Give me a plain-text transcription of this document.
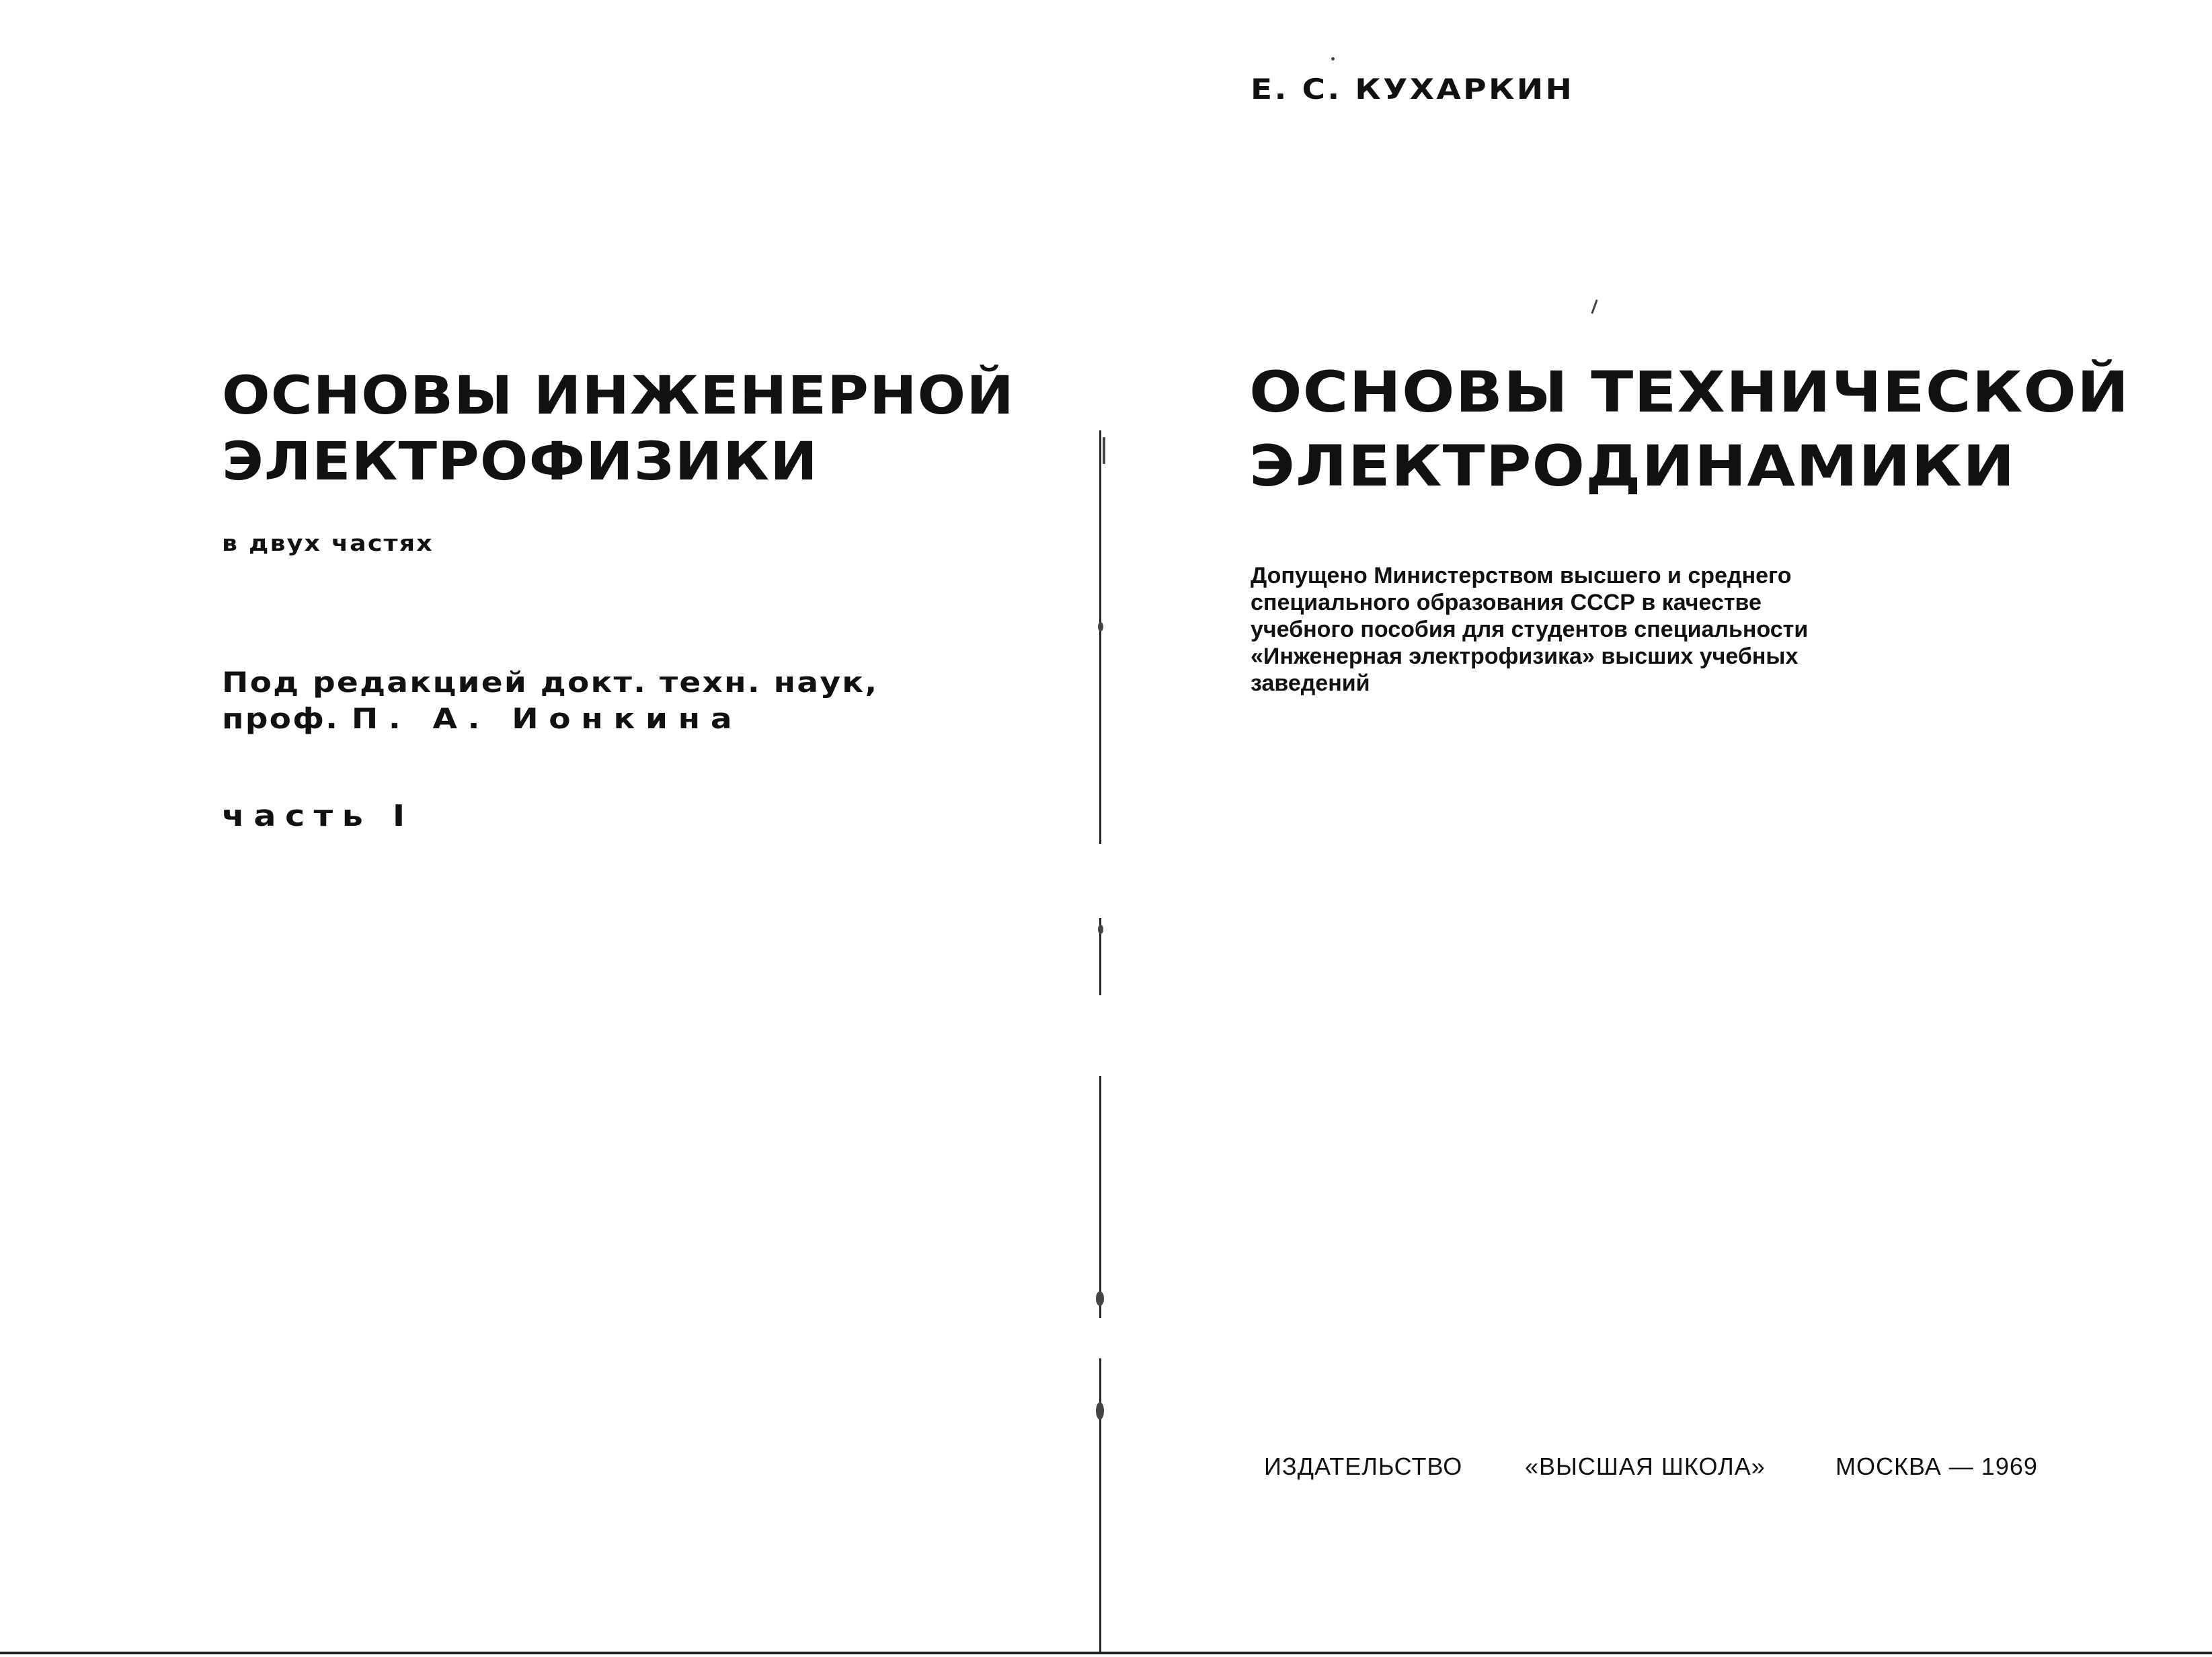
ОСНОВЫ ИНЖЕНЕРНОЙ
ЭЛЕКТРОФИЗИКИ
в двух частях
Под редакцией докт. техн. наук,
проф. П. А. Ионкина
часть I
Е. С. КУХАРКИН
ОСНОВЫ ТЕХНИЧЕСКОЙ
ЭЛЕКТРОДИНАМИКИ
Допущено Министерством высшего и среднего
специального образования СССР в качестве
учебного пособия для студентов специальности
«Инженерная электрофизика» высших учебных
заведений
ИЗДАТЕЛЬСТВО	«ВЫСШАЯ ШКОЛА»	МОСКВА — 1969
